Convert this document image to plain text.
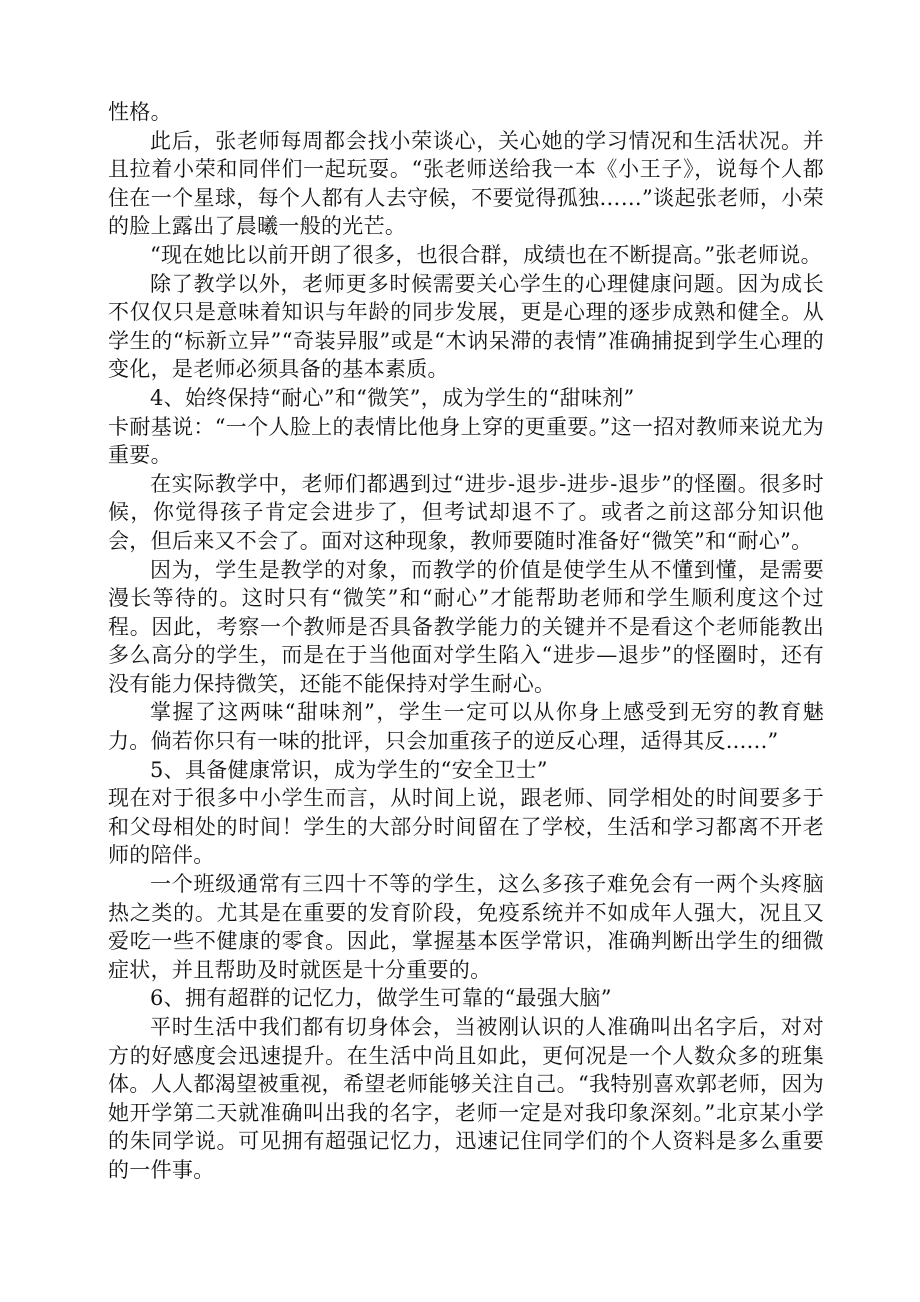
性格。

此后，张老师每周都会找小荣谈心，关心她的学习情况和生活状况。并且拉着小荣和同伴们一起玩耍。“张老师送给我一本《小王子》，说每个人都住在一个星球，每个人都有人去守候，不要觉得孤独……”谈起张老师，小荣的脸上露出了晨曦一般的光芒。

“现在她比以前开朗了很多，也很合群，成绩也在不断提高。”张老师说。

除了教学以外，老师更多时候需要关心学生的心理健康问题。因为成长不仅仅只是意味着知识与年龄的同步发展，更是心理的逐步成熟和健全。从学生的“标新立异”“奇装异服”或是“木讷呆滞的表情”准确捕捉到学生心理的变化，是老师必须具备的基本素质。

4、始终保持“耐心”和“微笑”，成为学生的“甜味剂”

卡耐基说：“一个人脸上的表情比他身上穿的更重要。”这一招对教师来说尤为重要。

在实际教学中，老师们都遇到过“进步-退步-进步-退步”的怪圈。很多时候，你觉得孩子肯定会进步了，但考试却退不了。或者之前这部分知识他会，但后来又不会了。面对这种现象，教师要随时准备好“微笑”和“耐心”。

因为，学生是教学的对象，而教学的价值是使学生从不懂到懂，是需要漫长等待的。这时只有“微笑”和“耐心”才能帮助老师和学生顺利度这个过程。因此，考察一个教师是否具备教学能力的关键并不是看这个老师能教出多么高分的学生，而是在于当他面对学生陷入“进步—退步”的怪圈时，还有没有能力保持微笑，还能不能保持对学生耐心。

掌握了这两味“甜味剂”，学生一定可以从你身上感受到无穷的教育魅力。倘若你只有一味的批评，只会加重孩子的逆反心理，适得其反......”

5、具备健康常识，成为学生的“安全卫士”

现在对于很多中小学生而言，从时间上说，跟老师、同学相处的时间要多于和父母相处的时间！学生的大部分时间留在了学校，生活和学习都离不开老师的陪伴。

一个班级通常有三四十不等的学生，这么多孩子难免会有一两个头疼脑热之类的。尤其是在重要的发育阶段，免疫系统并不如成年人强大，况且又爱吃一些不健康的零食。因此，掌握基本医学常识，准确判断出学生的细微症状，并且帮助及时就医是十分重要的。

6、拥有超群的记忆力，做学生可靠的“最强大脑”

平时生活中我们都有切身体会，当被刚认识的人准确叫出名字后，对对方的好感度会迅速提升。在生活中尚且如此，更何况是一个人数众多的班集体。人人都渴望被重视，希望老师能够关注自己。“我特别喜欢郭老师，因为她开学第二天就准确叫出我的名字，老师一定是对我印象深刻。”北京某小学的朱同学说。可见拥有超强记忆力，迅速记住同学们的个人资料是多么重要的一件事。
